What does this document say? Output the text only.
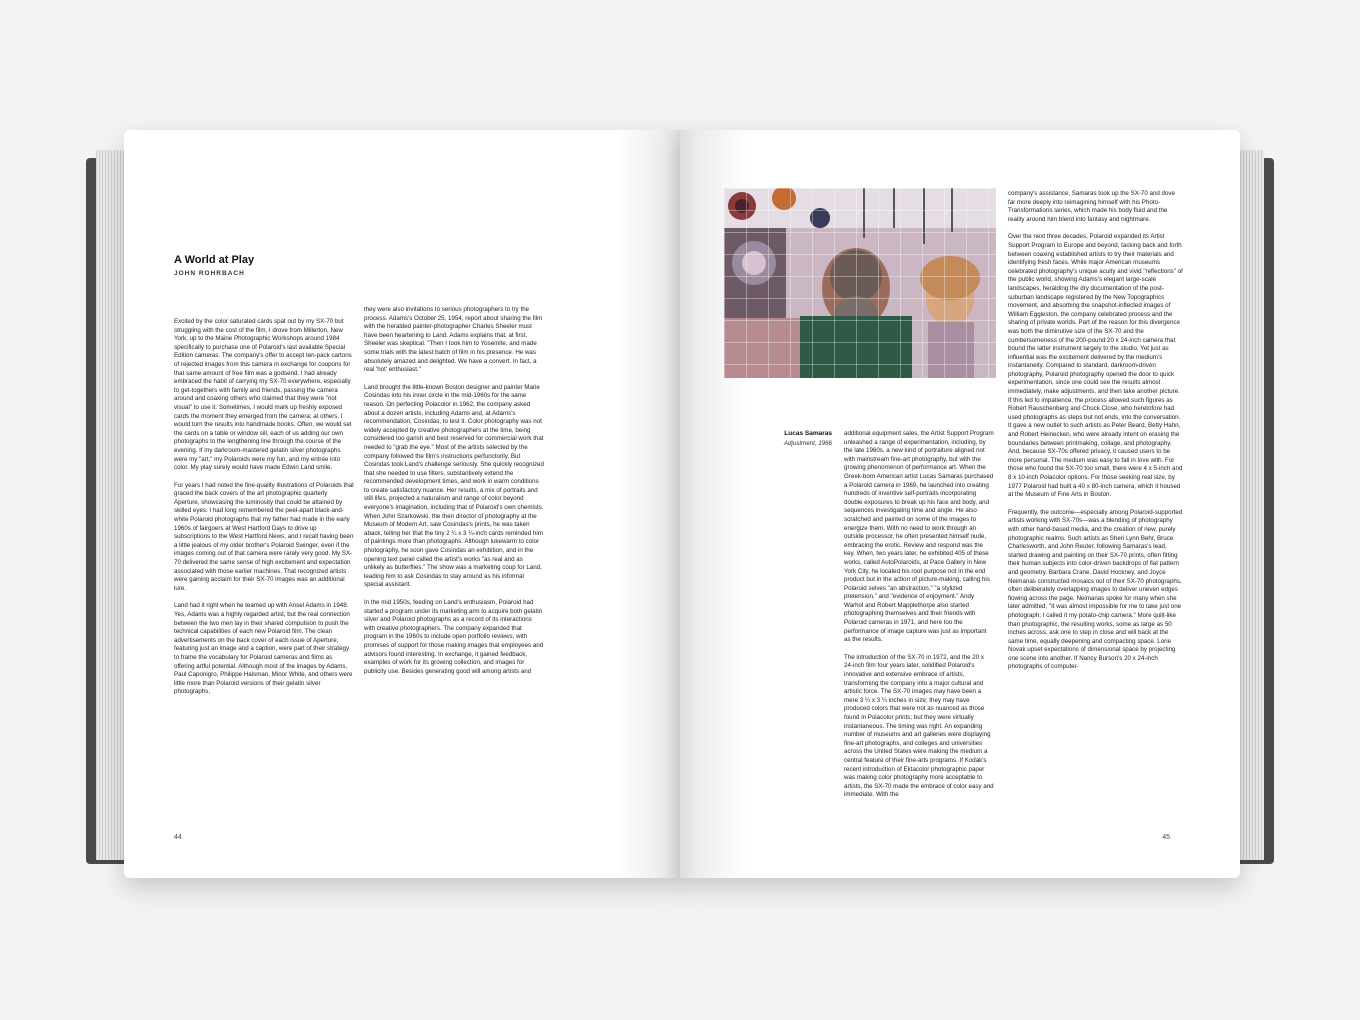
A World at Play
JOHN ROHRBACH

Excited by the color saturated cards spat out by my SX-70 but struggling with the cost of the film, I drove from Millerton, New York, up to the Maine Photographic Workshops around 1984 specifically to purchase one of Polaroid's last available Special Edition cameras. The company's offer to accept ten-pack cartons of rejected images from this camera in exchange for coupons for that same amount of free film was a godsend. I had already embraced the habit of carrying my SX-70 everywhere, especially to get-togethers with family and friends, passing the camera around and coaxing others who claimed that they were "not visual" to use it. Sometimes, I would mark up freshly exposed cards the moment they emerged from the camera; at others, I would turn the results into handmade books. Often, we would set the cards on a table or window sill, each of us adding our own photographs to the lengthening line through the course of the evening. If my darkroom-mastered gelatin silver photographs were my "art," my Polaroids were my fun, and my entrée into color. My play surely would have made Edwin Land smile.

For years I had noted the fine-quality illustrations of Polaroids that graced the back covers of the art photographic quarterly Aperture, showcasing the luminosity that could be attained by skilled eyes. I had long remembered the peel-apart black-and-white Polaroid photographs that my father had made in the early 1960s of fairgoers at West Hartford Days to drive up subscriptions to the West Hartford News, and I recall having been a little jealous of my older brother's Polaroid Swinger, even if the images coming out of that camera were rarely very good. My SX-70 delivered the same sense of high excitement and expectation associated with those earlier machines. That recognized artists were gaining acclaim for their SX-70 images was an additional lure.

Land had it right when he teamed up with Ansel Adams in 1948. Yes, Adams was a highly regarded artist, but the real connection between the two men lay in their shared compulsion to push the technical capabilities of each new Polaroid film. The clean advertisements on the back cover of each issue of Aperture, featuring just an image and a caption, were part of their strategy to frame the vocabulary for Polaroid cameras and films as offering artful potential. Although most of the images by Adams, Paul Caponigro, Philippe Halsman, Minor White, and others were little more than Polaroid versions of their gelatin silver photographs,

they were also invitations to serious photographers to try the process. Adams's October 25, 1954, report about sharing the film with the heralded painter-photographer Charles Sheeler must have been heartening to Land. Adams explains that, at first, Sheeler was skeptical. "Then I took him to Yosemite, and made some trials with the latest batch of film in his presence. He was absolutely amazed and delighted. We have a convert. In fact, a real 'hot' enthusiast."

Land brought the little-known Boston designer and painter Marie Cosindas into his inner circle in the mid-1960s for the same reason. On perfecting Polacolor in 1962, the company asked about a dozen artists, including Adams and, at Adams's recommendation, Cosindas, to test it. Color photography was not widely accepted by creative photographers at the time, being considered too garish and best reserved for commercial work that needed to "grab the eye." Most of the artists selected by the company followed the film's instructions perfunctorily. But Cosindas took Land's challenge seriously. She quickly recognized that she needed to use filters, substantively extend the recommended development times, and work in warm conditions to create satisfactory nuance. Her results, a mix of portraits and still lifes, projected a naturalism and range of color beyond everyone's imagination, including that of Polaroid's own chemists. When John Szarkowski, the then director of photography at the Museum of Modern Art, saw Cosindas's prints, he was taken aback, telling her that the tiny 2 ¼ x 3 ¼-inch cards reminded him of paintings more than photographs. Although lukewarm to color photography, he soon gave Cosindas an exhibition, and in the opening text panel called the artist's works "as real and as unlikely as butterflies." The show was a marketing coup for Land, leading him to ask Cosindas to stay around as his informal special assistant.

In the mid 1950s, feeding on Land's enthusiasm, Polaroid had started a program under its marketing arm to acquire both gelatin silver and Polaroid photographs as a record of its interactions with creative photographers. The company expanded that program in the 1960s to include open portfolio reviews, with promises of support for those making images that employees and advisors found interesting. In exchange, it gained feedback, examples of work for its growing collection, and images for publicity use. Besides generating good will among artists and

44
Lucas Samaras
Adjustment, 1966

additional equipment sales, the Artist Support Program unleashed a range of experimentation, including, by the late 1960s, a new kind of portraiture aligned not with mainstream fine-art photography, but with the growing phenomenon of performance art. When the Greek-born American artist Lucas Samaras purchased a Polaroid camera in 1969, he launched into creating hundreds of inventive self-portraits incorporating double exposures to break up his face and body, and sequences investigating time and angle. He also scratched and painted on some of the images to energize them. With no need to work through an outside processor, he often presented himself nude, embracing the erotic. Review and respond was the key. When, two years later, he exhibited 405 of these works, called AutoPolaroids, at Pace Gallery in New York City, he located his root purpose not in the end product but in the action of picture-making, calling his Polaroid selves "an abstraction," "a stylized pretension," and "evidence of enjoyment." Andy Warhol and Robert Mapplethorpe also started photographing themselves and their friends with Polaroid cameras in 1971, and here too the performance of image capture was just as important as the results.

The introduction of the SX-70 in 1972, and the 20 x 24-inch film four years later, solidified Polaroid's innovative and extensive embrace of artists, transforming the company into a major cultural and artistic force. The SX-70 images may have been a mere 3 ¼ x 3 ¼ inches in size; they may have produced colors that were not as nuanced as those found in Polacolor prints; but they were virtually instantaneous. The timing was right. An expanding number of museums and art galleries were displaying fine-art photographs, and colleges and universities across the United States were making the medium a central feature of their fine-arts programs. If Kodak's recent introduction of Ektacolor photographic paper was making color photography more acceptable to artists, the SX-70 made the embrace of color easy and immediate. With the

company's assistance, Samaras took up the SX-70 and dove far more deeply into reimagining himself with his Photo-Transformations series, which made his body fluid and the reality around him blend into fantasy and nightmare.

Over the next three decades, Polaroid expanded its Artist Support Program to Europe and beyond, tacking back and forth between coaxing established artists to try their materials and identifying fresh faces. While major American museums celebrated photography's unique acuity and vivid "reflections" of the public world, showing Adams's elegant large-scale landscapes, heralding the dry documentation of the post-suburban landscape registered by the New Topographics movement, and absorbing the snapshot-inflected images of William Eggleston, the company celebrated process and the sharing of private worlds. Part of the reason for this divergence was both the diminutive size of the SX-70 and the cumbersomeness of the 200-pound 20 x 24-inch camera that bound the latter instrument largely to the studio. Yet just as influential was the excitement delivered by the medium's instantaneity. Compared to standard, darkroom-driven photography, Polaroid photography opened the door to quick experimentation, since one could see the results almost immediately, make adjustments, and then take another picture. If this led to impatience, the process allowed such figures as Robert Rauschenberg and Chuck Close, who heretofore had used photographs as steps but not ends, into the conversation. It gave a new outlet to such artists as Peter Beard, Betty Hahn, and Robert Heinecken, who were already intent on erasing the boundaries between printmaking, collage, and photography. And, because SX-70s offered privacy, it caused users to be more personal. The medium was easy to fall in love with. For those who found the SX-70 too small, there were 4 x 5-inch and 8 x 10-inch Polacolor options. For those seeking real size, by 1977 Polaroid had built a 40 x 80-inch camera, which it housed at the Museum of Fine Arts in Boston.

Frequently, the outcome—especially among Polaroid-supported artists working with SX-70s—was a blending of photography with other hand-based media, and the creation of new, purely photographic realms. Such artists as Sheri Lynn Behr, Bruce Charlesworth, and John Reuter, following Samaras's lead, started drawing and painting on their SX-70 prints, often fitting their human subjects into color-driven backdrops of flat pattern and geometry. Barbara Crane, David Hockney, and Joyce Neimanas constructed mosaics out of their SX-70 photographs, often deliberately overlapping images to deliver uneven edges flowing across the page. Neimanas spoke for many when she later admitted, "It was almost impossible for me to take just one photograph; I called it my potato-chip camera." More quilt-like than photographic, the resulting works, some as large as 50 inches across, ask one to step in close and will back at the same time, equally deepening and compacting space. Lorie Novak upset expectations of dimensional space by projecting one scene into another. If Nancy Burson's 20 x 24-inch photographs of computer-

45
